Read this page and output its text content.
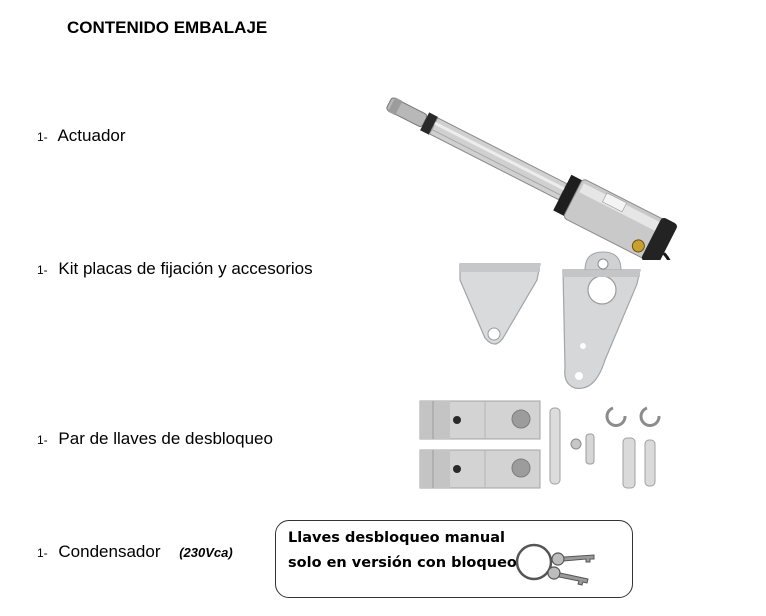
CONTENIDO EMBALAJE
1- Actuador
1- Kit placas de fijación y accesorios
1- Par de llaves de desbloqueo
1- Condensador (230Vca)
Llaves desbloqueo manual
solo en versión con bloqueo
